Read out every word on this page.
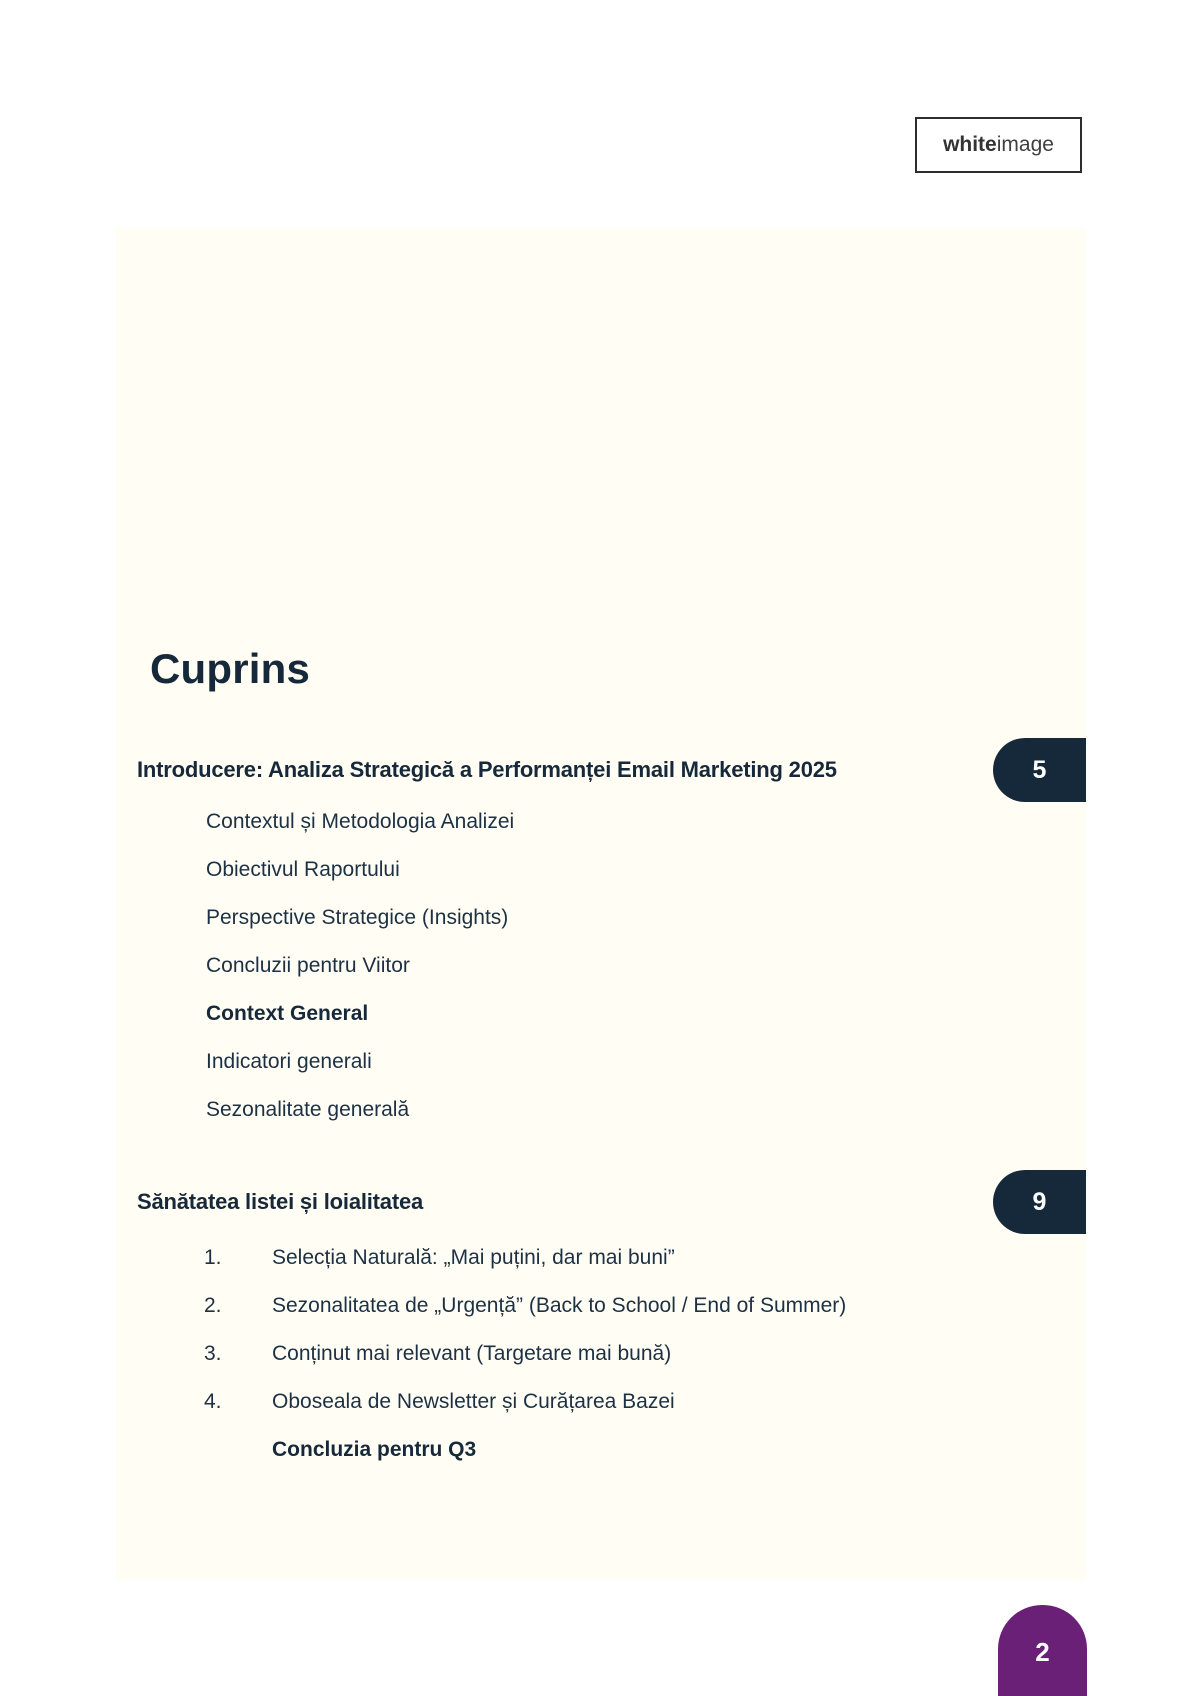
white image
Cuprins
Introducere: Analiza Strategică a Performanței Email Marketing 2025	5
Contextul și Metodologia Analizei
Obiectivul Raportului
Perspective Strategice (Insights)
Concluzii pentru Viitor
Context General
Indicatori generali
Sezonalitate generală
Sănătatea listei și loialitatea	9
1.	Selecția Naturală: „Mai puțini, dar mai buni”
2.	Sezonalitatea de „Urgență” (Back to School / End of Summer)
3.	Conținut mai relevant (Targetare mai bună)
4.	Oboseala de Newsletter și Curățarea Bazei
Concluzia pentru Q3
2
